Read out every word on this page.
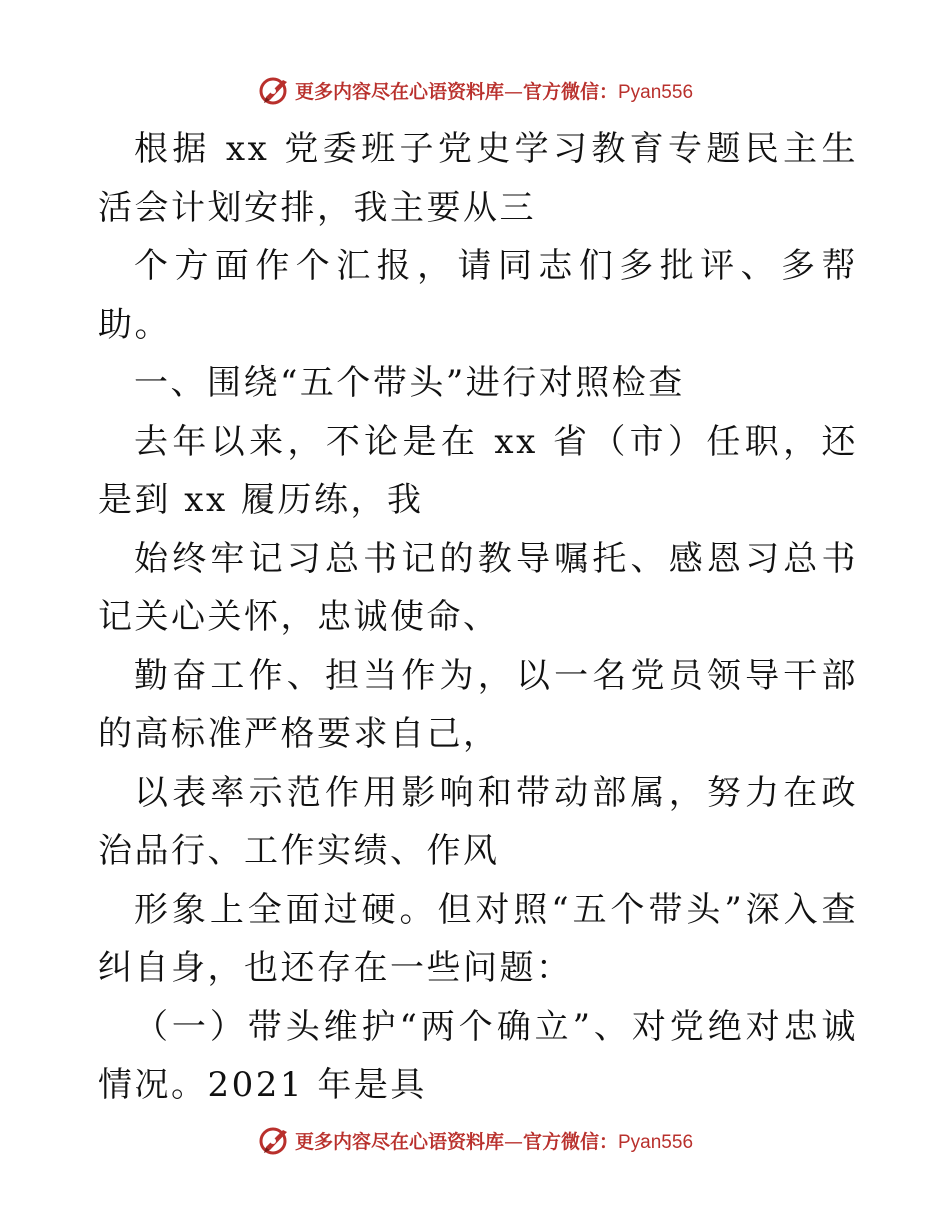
更多内容尽在心语资料库—官方微信：Pyan556

根据 xx 党委班子党史学习教育专题民主生活会计划安排，我主要从三

个方面作个汇报，请同志们多批评、多帮助。

一、围绕“五个带头”进行对照检查

去年以来，不论是在 xx 省（市）任职，还是到 xx 履历练，我

始终牢记习总书记的教导嘱托、感恩习总书记关心关怀，忠诚使命、

勤奋工作、担当作为，以一名党员领导干部的高标准严格要求自己，

以表率示范作用影响和带动部属，努力在政治品行、工作实绩、作风

形象上全面过硬。但对照“五个带头”深入查纠自身，也还存在一些问题：

（一）带头维护“两个确立”、对党绝对忠诚情况。2021 年是具

更多内容尽在心语资料库—官方微信：Pyan556
